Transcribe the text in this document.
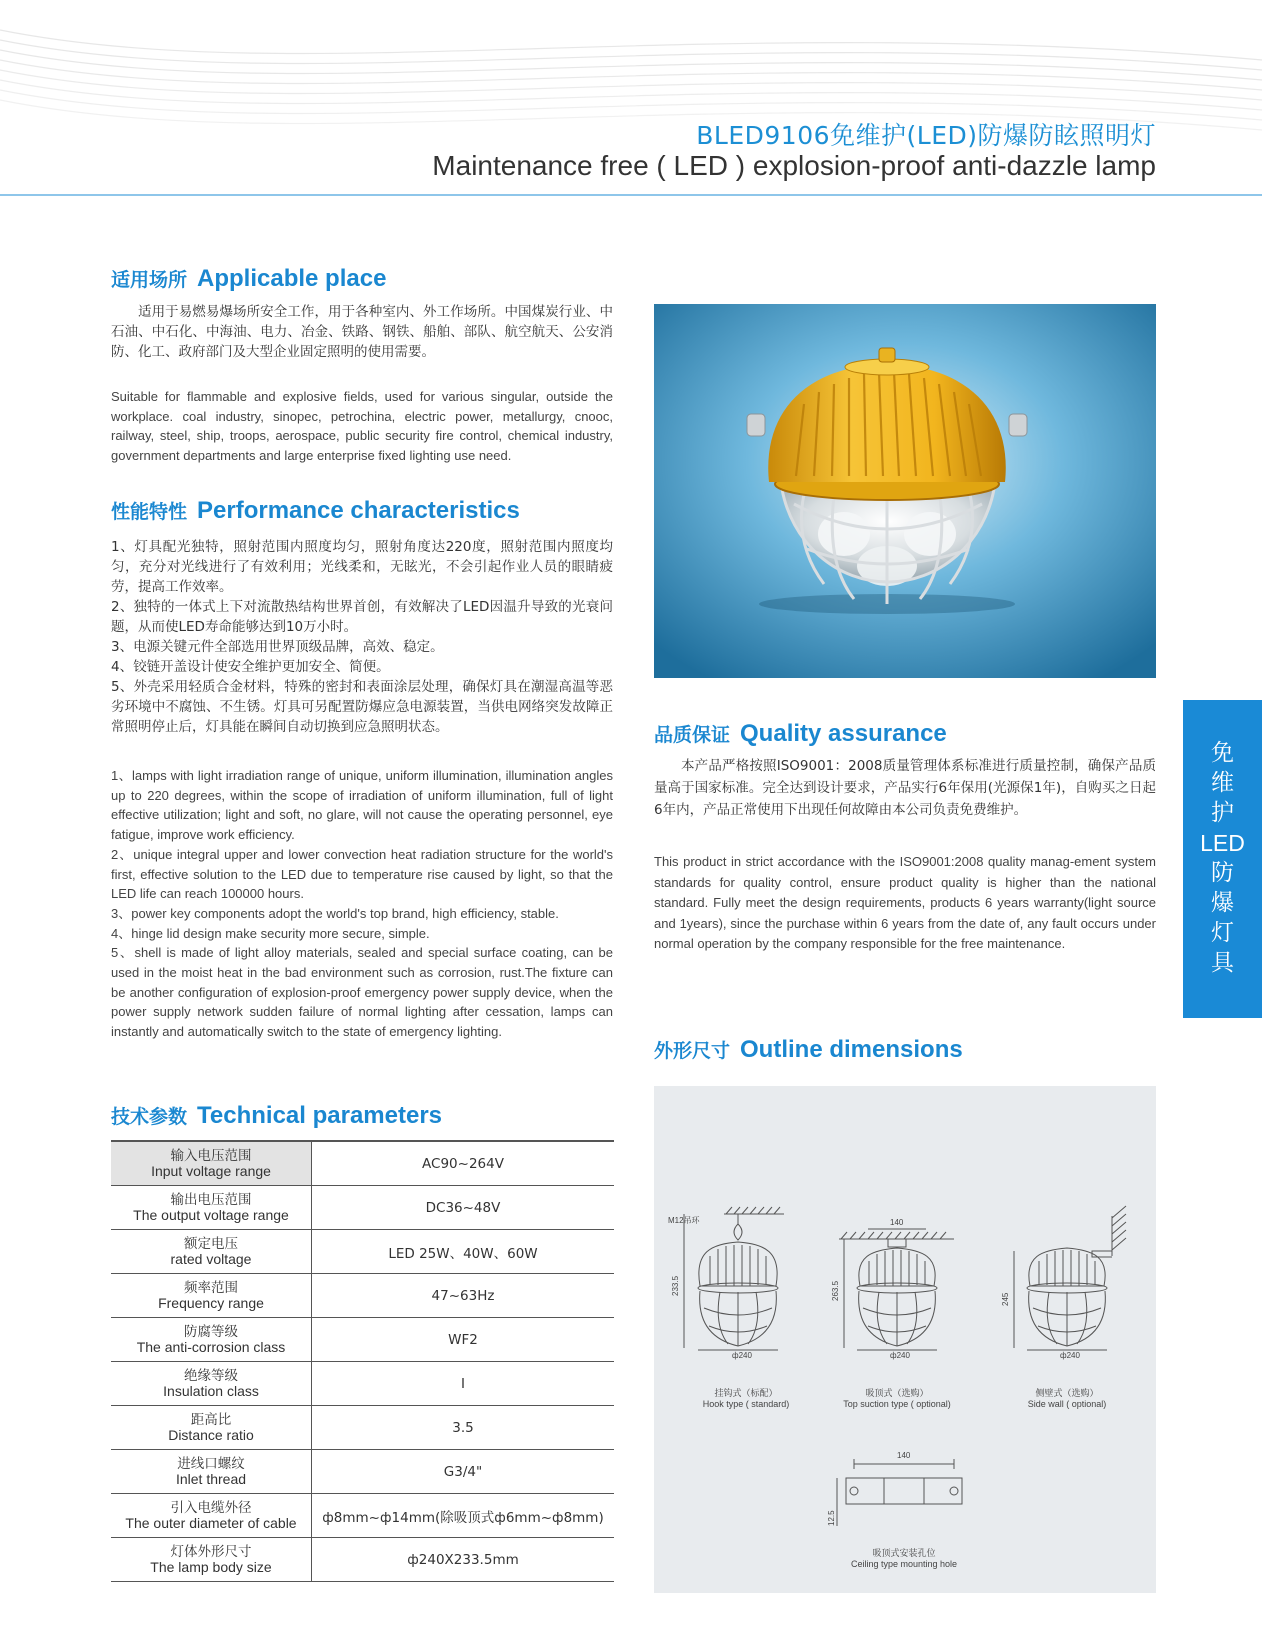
BLED9106免维护(LED)防爆防眩照明灯
Maintenance free ( LED ) explosion-proof anti-dazzle lamp
适用场所 Applicable place

适用于易燃易爆场所安全工作，用于各种室内、外工作场所。中国煤炭行业、中石油、中石化、中海油、电力、冶金、铁路、钢铁、船舶、部队、航空航天、公安消防、化工、政府部门及大型企业固定照明的使用需要。

Suitable for flammable and explosive fields, used for various singular, outside the workplace. coal industry, sinopec, petrochina, electric power, metallurgy, cnooc, railway, steel, ship, troops, aerospace, public security fire control, chemical industry, government departments and large enterprise fixed lighting use need.

性能特性 Performance characteristics

1、灯具配光独特，照射范围内照度均匀，照射角度达220度，照射范围内照度均匀，充分对光线进行了有效利用；光线柔和，无眩光，不会引起作业人员的眼睛疲劳，提高工作效率。

2、独特的一体式上下对流散热结构世界首创，有效解决了LED因温升导致的光衰问题，从而使LED寿命能够达到10万小时。

3、电源关键元件全部选用世界顶级品牌，高效、稳定。

4、铰链开盖设计使安全维护更加安全、简便。

5、外壳采用轻质合金材料，特殊的密封和表面涂层处理，确保灯具在潮湿高温等恶劣环境中不腐蚀、不生锈。灯具可另配置防爆应急电源装置，当供电网络突发故障正常照明停止后，灯具能在瞬间自动切换到应急照明状态。

1、lamps with light irradiation range of unique, uniform illumination, illumination angles up to 220 degrees, within the scope of irradiation of uniform illumination, full of light effective utilization; light and soft, no glare, will not cause the operating personnel, eye fatigue, improve work efficiency.

2、unique integral upper and lower convection heat radiation structure for the world's first, effective solution to the LED due to temperature rise caused by light, so that the LED life can reach 100000 hours.

3、power key components adopt the world's top brand, high efficiency, stable.

4、hinge lid design make security more secure, simple.

5、shell is made of light alloy materials, sealed and special surface coating, can be used in the moist heat in the bad environment such as corrosion, rust.The fixture can be another configuration of explosion-proof emergency power supply device, when the power supply network sudden failure of normal lighting after cessation, lamps can instantly and automatically switch to the state of emergency lighting.

技术参数 Technical parameters
输入电压范围
Input voltage range	AC90~264V

输出电压范围
The output voltage range	DC36~48V

额定电压
rated voltage	LED 25W、40W、60W

频率范围
Frequency range	47~63Hz

防腐等级
The anti-corrosion class	WF2

绝缘等级
Insulation class	I

距高比
Distance ratio	3.5

进线口螺纹
Inlet thread	G3/4"

引入电缆外径
The outer diameter of cable	ф8mm~ф14mm(除吸顶式ф6mm~ф8mm)

灯体外形尺寸
The lamp body size	ф240X233.5mm
品质保证 Quality assurance

本产品严格按照ISO9001：2008质量管理体系标准进行质量控制，确保产品质量高于国家标准。完全达到设计要求，产品实行6年保用(光源保1年)，自购买之日起6年内，产品正常使用下出现任何故障由本公司负责免费维护。

This product in strict accordance with the ISO9001:2008 quality manag-ement system standards for quality control, ensure product quality is higher than the national standard. Fully meet the design requirements, products 6 years warranty(light source and 1years), since the purchase within 6 years from the date of, any fault occurs under normal operation by the company responsible for the free maintenance.

免
维
护
LED
防
爆
灯
具
外形尺寸 Outline dimensions
M12吊环
233.5
ф240
140
263.5
ф240
245
ф240
140
12.5
挂钩式（标配）
Hook type ( standard)
吸顶式（选购）
Top suction type ( optional)
侧壁式（选购）
Side wall ( optional)
吸顶式安装孔位
Ceiling type mounting hole
